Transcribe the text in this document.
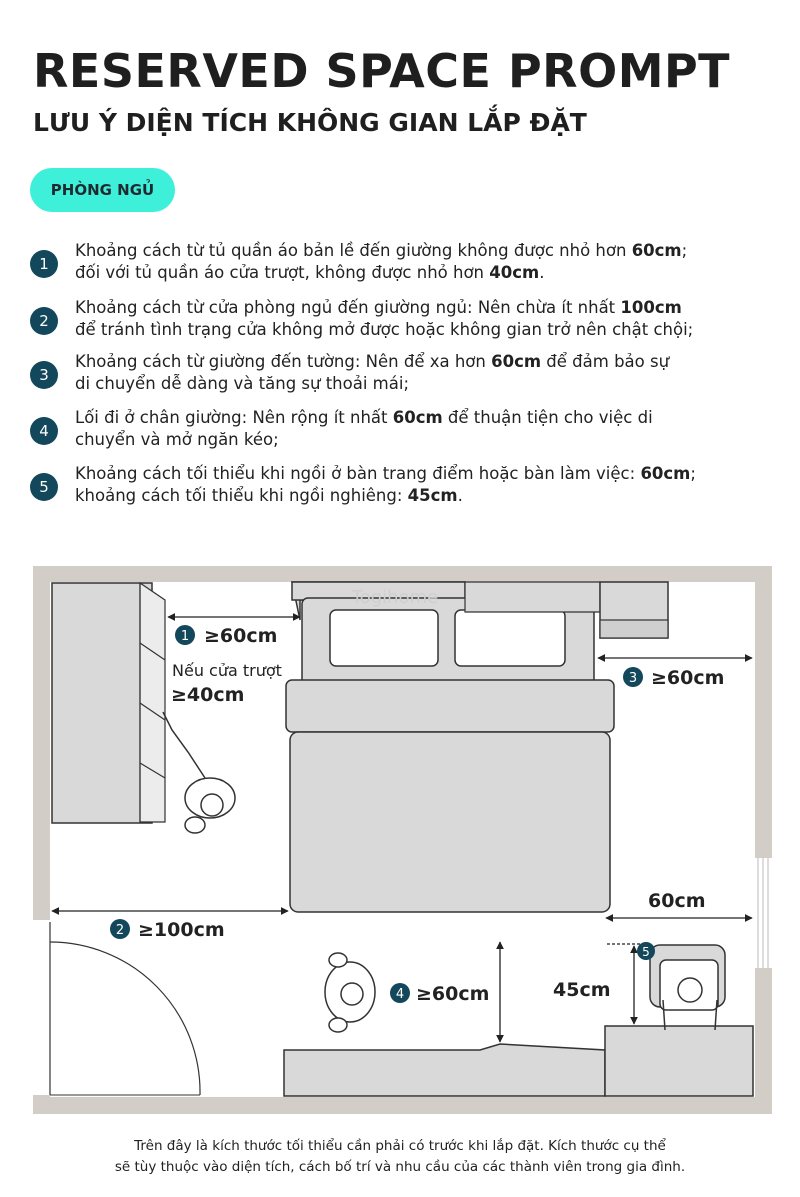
RESERVED SPACE PROMPT
LƯU Ý DIỆN TÍCH KHÔNG GIAN LẮP ĐẶT
PHÒNG NGỦ
1
Khoảng cách từ tủ quần áo bản lề đến giường không được nhỏ hơn 60cm;
đối với tủ quần áo cửa trượt, không được nhỏ hơn 40cm.
2
Khoảng cách từ cửa phòng ngủ đến giường ngủ: Nên chừa ít nhất 100cm
để tránh tình trạng cửa không mở được hoặc không gian trở nên chật chội;
3
Khoảng cách từ giường đến tường: Nên để xa hơn 60cm để đảm bảo sự
di chuyển dễ dàng và tăng sự thoải mái;
4
Lối đi ở chân giường: Nên rộng ít nhất 60cm để thuận tiện cho việc di
chuyển và mở ngăn kéo;
5
Khoảng cách tối thiểu khi ngồi ở bàn trang điểm hoặc bàn làm việc: 60cm;
khoảng cách tối thiểu khi ngồi nghiêng: 45cm.
Togihome
1 ≥60cm
Nếu cửa trượt
≥40cm
2 ≥100cm
3 ≥60cm
4 ≥60cm
5
60cm
45cm
Trên đây là kích thước tối thiểu cần phải có trước khi lắp đặt. Kích thước cụ thể
sẽ tùy thuộc vào diện tích, cách bố trí và nhu cầu của các thành viên trong gia đình.
